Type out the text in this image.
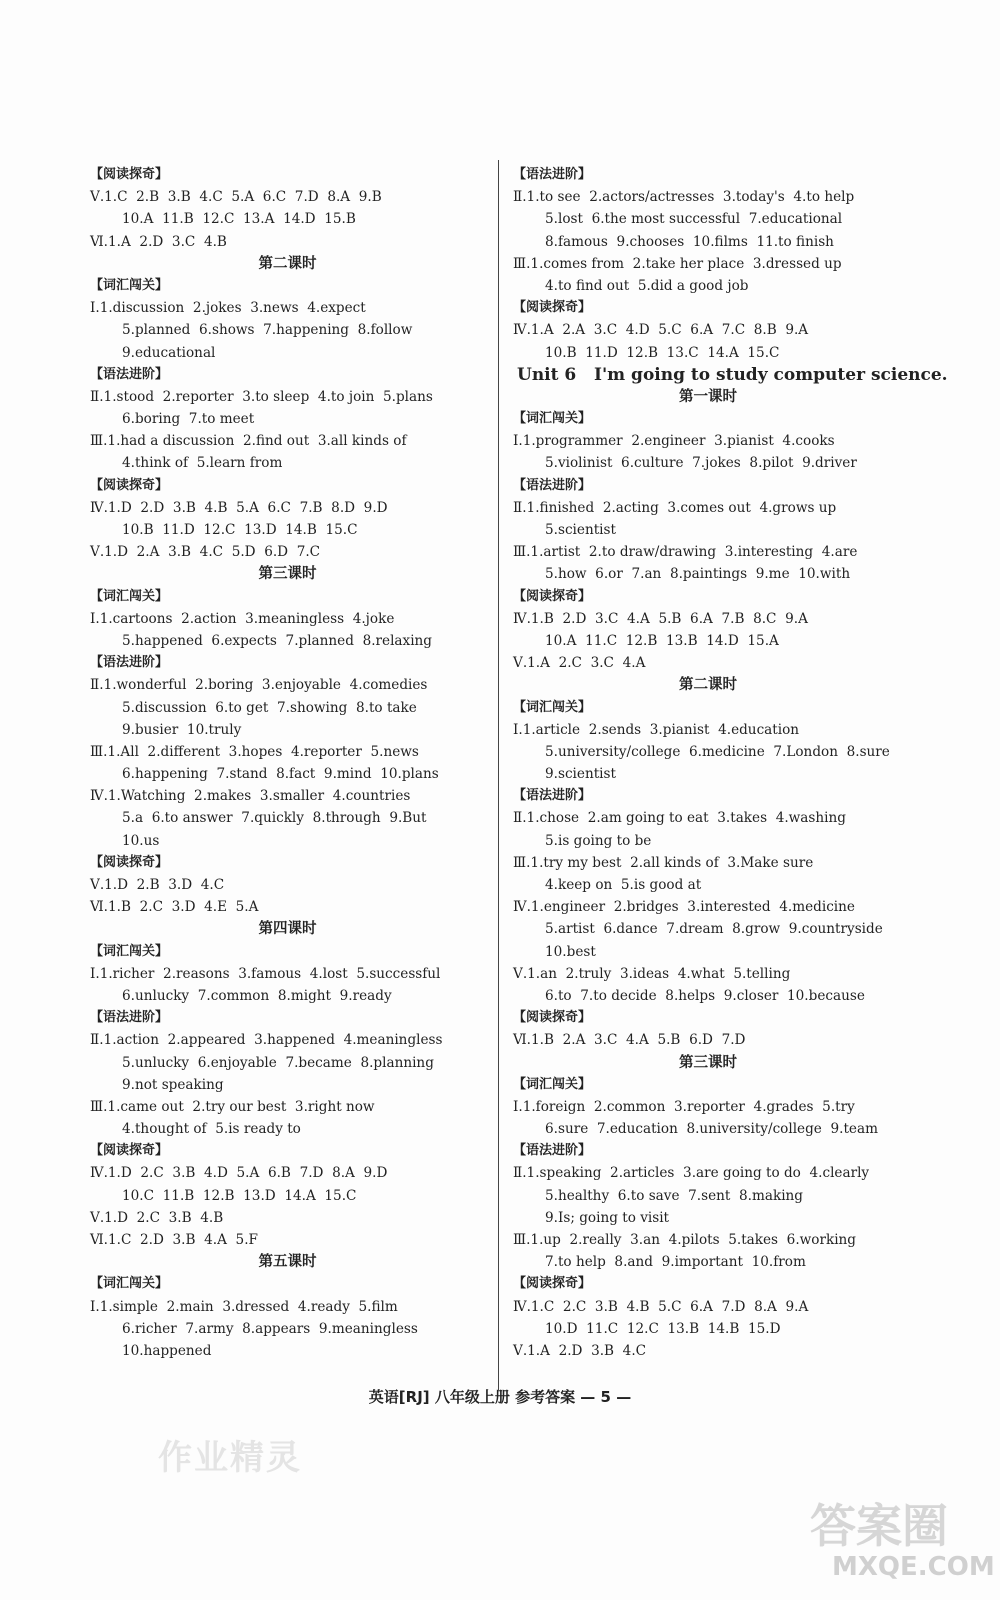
【阅读探奇】
Ⅴ.1.C  2.B  3.B  4.C  5.A  6.C  7.D  8.A  9.B
10.A  11.B  12.C  13.A  14.D  15.B
Ⅵ.1.A  2.D  3.C  4.B
第二课时
【词汇闯关】
Ⅰ.1.discussion  2.jokes  3.news  4.expect
5.planned  6.shows  7.happening  8.follow
9.educational
【语法进阶】
Ⅱ.1.stood  2.reporter  3.to sleep  4.to join  5.plans
6.boring  7.to meet
Ⅲ.1.had a discussion  2.find out  3.all kinds of
4.think of  5.learn from
【阅读探奇】
Ⅳ.1.D  2.D  3.B  4.B  5.A  6.C  7.B  8.D  9.D
10.B  11.D  12.C  13.D  14.B  15.C
Ⅴ.1.D  2.A  3.B  4.C  5.D  6.D  7.C
第三课时
【词汇闯关】
Ⅰ.1.cartoons  2.action  3.meaningless  4.joke
5.happened  6.expects  7.planned  8.relaxing
【语法进阶】
Ⅱ.1.wonderful  2.boring  3.enjoyable  4.comedies
5.discussion  6.to get  7.showing  8.to take
9.busier  10.truly
Ⅲ.1.All  2.different  3.hopes  4.reporter  5.news
6.happening  7.stand  8.fact  9.mind  10.plans
Ⅳ.1.Watching  2.makes  3.smaller  4.countries
5.a  6.to answer  7.quickly  8.through  9.But
10.us
【阅读探奇】
Ⅴ.1.D  2.B  3.D  4.C
Ⅵ.1.B  2.C  3.D  4.E  5.A
第四课时
【词汇闯关】
Ⅰ.1.richer  2.reasons  3.famous  4.lost  5.successful
6.unlucky  7.common  8.might  9.ready
【语法进阶】
Ⅱ.1.action  2.appeared  3.happened  4.meaningless
5.unlucky  6.enjoyable  7.became  8.planning
9.not speaking
Ⅲ.1.came out  2.try our best  3.right now
4.thought of  5.is ready to
【阅读探奇】
Ⅳ.1.D  2.C  3.B  4.D  5.A  6.B  7.D  8.A  9.D
10.C  11.B  12.B  13.D  14.A  15.C
Ⅴ.1.D  2.C  3.B  4.B
Ⅵ.1.C  2.D  3.B  4.A  5.F
第五课时
【词汇闯关】
Ⅰ.1.simple  2.main  3.dressed  4.ready  5.film
6.richer  7.army  8.appears  9.meaningless
10.happened
【语法进阶】
Ⅱ.1.to see  2.actors/actresses  3.today's  4.to help
5.lost  6.the most successful  7.educational
8.famous  9.chooses  10.films  11.to finish
Ⅲ.1.comes from  2.take her place  3.dressed up
4.to find out  5.did a good job
【阅读探奇】
Ⅳ.1.A  2.A  3.C  4.D  5.C  6.A  7.C  8.B  9.A
10.B  11.D  12.B  13.C  14.A  15.C
Unit 6   I'm going to study computer science.
第一课时
【词汇闯关】
Ⅰ.1.programmer  2.engineer  3.pianist  4.cooks
5.violinist  6.culture  7.jokes  8.pilot  9.driver
【语法进阶】
Ⅱ.1.finished  2.acting  3.comes out  4.grows up
5.scientist
Ⅲ.1.artist  2.to draw/drawing  3.interesting  4.are
5.how  6.or  7.an  8.paintings  9.me  10.with
【阅读探奇】
Ⅳ.1.B  2.D  3.C  4.A  5.B  6.A  7.B  8.C  9.A
10.A  11.C  12.B  13.B  14.D  15.A
Ⅴ.1.A  2.C  3.C  4.A
第二课时
【词汇闯关】
Ⅰ.1.article  2.sends  3.pianist  4.education
5.university/college  6.medicine  7.London  8.sure
9.scientist
【语法进阶】
Ⅱ.1.chose  2.am going to eat  3.takes  4.washing
5.is going to be
Ⅲ.1.try my best  2.all kinds of  3.Make sure
4.keep on  5.is good at
Ⅳ.1.engineer  2.bridges  3.interested  4.medicine
5.artist  6.dance  7.dream  8.grow  9.countryside
10.best
Ⅴ.1.an  2.truly  3.ideas  4.what  5.telling
6.to  7.to decide  8.helps  9.closer  10.because
【阅读探奇】
Ⅵ.1.B  2.A  3.C  4.A  5.B  6.D  7.D
第三课时
【词汇闯关】
Ⅰ.1.foreign  2.common  3.reporter  4.grades  5.try
6.sure  7.education  8.university/college  9.team
【语法进阶】
Ⅱ.1.speaking  2.articles  3.are going to do  4.clearly
5.healthy  6.to save  7.sent  8.making
9.Is; going to visit
Ⅲ.1.up  2.really  3.an  4.pilots  5.takes  6.working
7.to help  8.and  9.important  10.from
【阅读探奇】
Ⅳ.1.C  2.C  3.B  4.B  5.C  6.A  7.D  8.A  9.A
10.D  11.C  12.C  13.B  14.B  15.D
Ⅴ.1.A  2.D  3.B  4.C
英语[RJ] 八年级上册 参考答案 — 5 —
作业精灵
答案圈
MXQE.COM
